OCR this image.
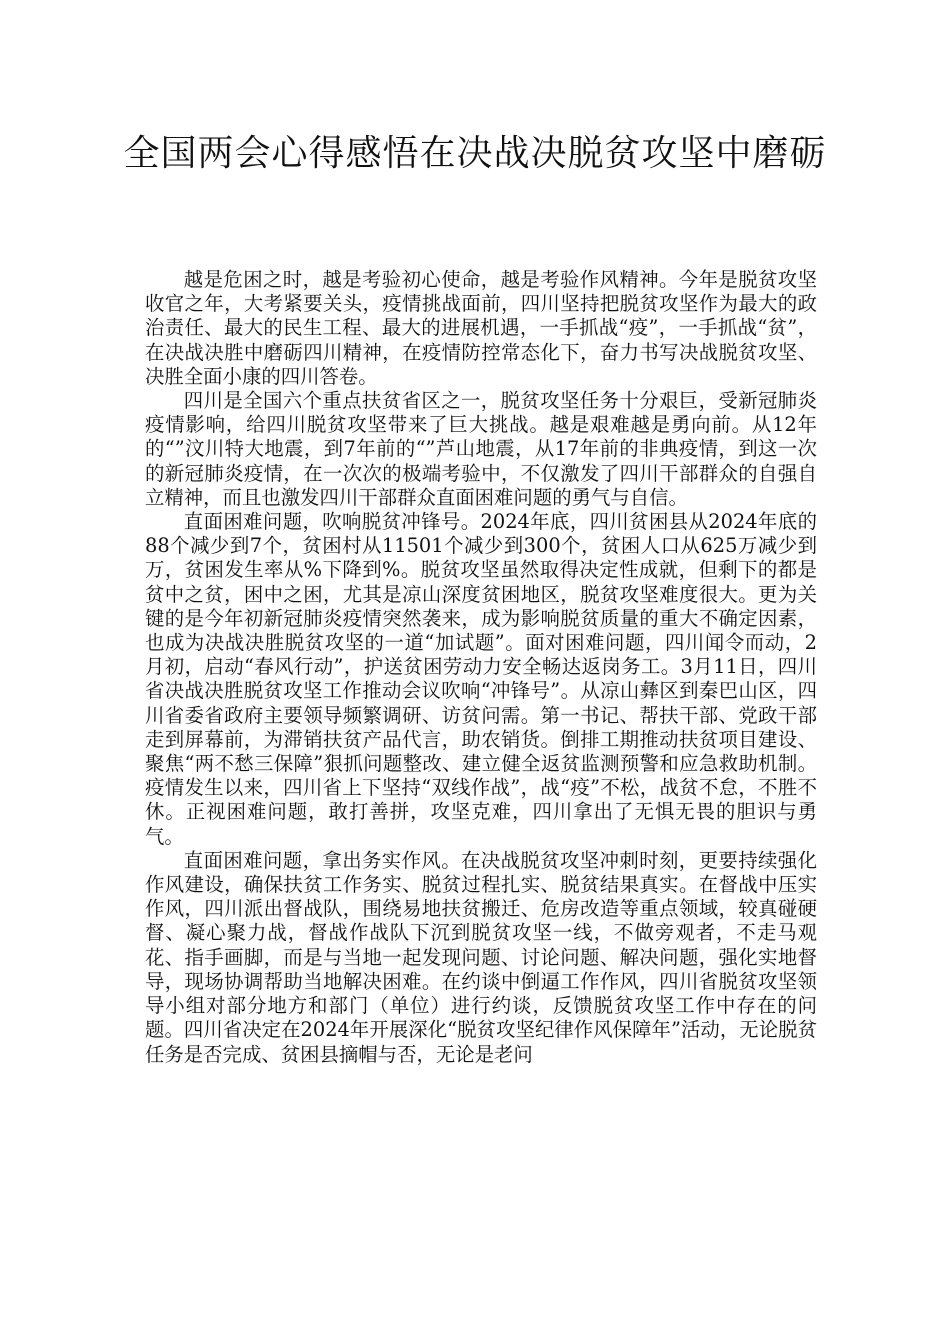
全国两会心得感悟在决战决脱贫攻坚中磨砺

越是危困之时，越是考验初心使命，越是考验作风精神。今年是脱贫攻坚收官之年，大考紧要关头，疫情挑战面前，四川坚持把脱贫攻坚作为最大的政治责任、最大的民生工程、最大的进展机遇，一手抓战“疫”，一手抓战“贫”，在决战决胜中磨砺四川精神，在疫情防控常态化下，奋力书写决战脱贫攻坚、决胜全面小康的四川答卷。

四川是全国六个重点扶贫省区之一，脱贫攻坚任务十分艰巨，受新冠肺炎疫情影响，给四川脱贫攻坚带来了巨大挑战。越是艰难越是勇向前。从12年的“”汶川特大地震，到7年前的“”芦山地震，从17年前的非典疫情，到这一次的新冠肺炎疫情，在一次次的极端考验中，不仅激发了四川干部群众的自强自立精神，而且也激发四川干部群众直面困难问题的勇气与自信。

直面困难问题，吹响脱贫冲锋号。2024年底，四川贫困县从2024年底的88个减少到7个，贫困村从11501个减少到300个，贫困人口从625万减少到万，贫困发生率从%下降到%。脱贫攻坚虽然取得决定性成就，但剩下的都是贫中之贫，困中之困，尤其是凉山深度贫困地区，脱贫攻坚难度很大。更为关键的是今年初新冠肺炎疫情突然袭来，成为影响脱贫质量的重大不确定因素，也成为决战决胜脱贫攻坚的一道“加试题”。面对困难问题，四川闻令而动，2月初，启动“春风行动”，护送贫困劳动力安全畅达返岗务工。3月11日，四川省决战决胜脱贫攻坚工作推动会议吹响“冲锋号”。从凉山彝区到秦巴山区，四川省委省政府主要领导频繁调研、访贫问需。第一书记、帮扶干部、党政干部走到屏幕前，为滞销扶贫产品代言，助农销货。倒排工期推动扶贫项目建设、聚焦“两不愁三保障”狠抓问题整改、建立健全返贫监测预警和应急救助机制。疫情发生以来，四川省上下坚持“双线作战”，战“疫”不松，战贫不怠，不胜不休。正视困难问题，敢打善拼，攻坚克难，四川拿出了无惧无畏的胆识与勇气。

直面困难问题，拿出务实作风。在决战脱贫攻坚冲刺时刻，更要持续强化作风建设，确保扶贫工作务实、脱贫过程扎实、脱贫结果真实。在督战中压实作风，四川派出督战队，围绕易地扶贫搬迁、危房改造等重点领域，较真碰硬督、凝心聚力战，督战作战队下沉到脱贫攻坚一线，不做旁观者，不走马观花、指手画脚，而是与当地一起发现问题、讨论问题、解决问题，强化实地督导，现场协调帮助当地解决困难。在约谈中倒逼工作作风，四川省脱贫攻坚领导小组对部分地方和部门（单位）进行约谈，反馈脱贫攻坚工作中存在的问题。四川省决定在2024年开展深化“脱贫攻坚纪律作风保障年”活动，无论脱贫任务是否完成、贫困县摘帽与否，无论是老问
